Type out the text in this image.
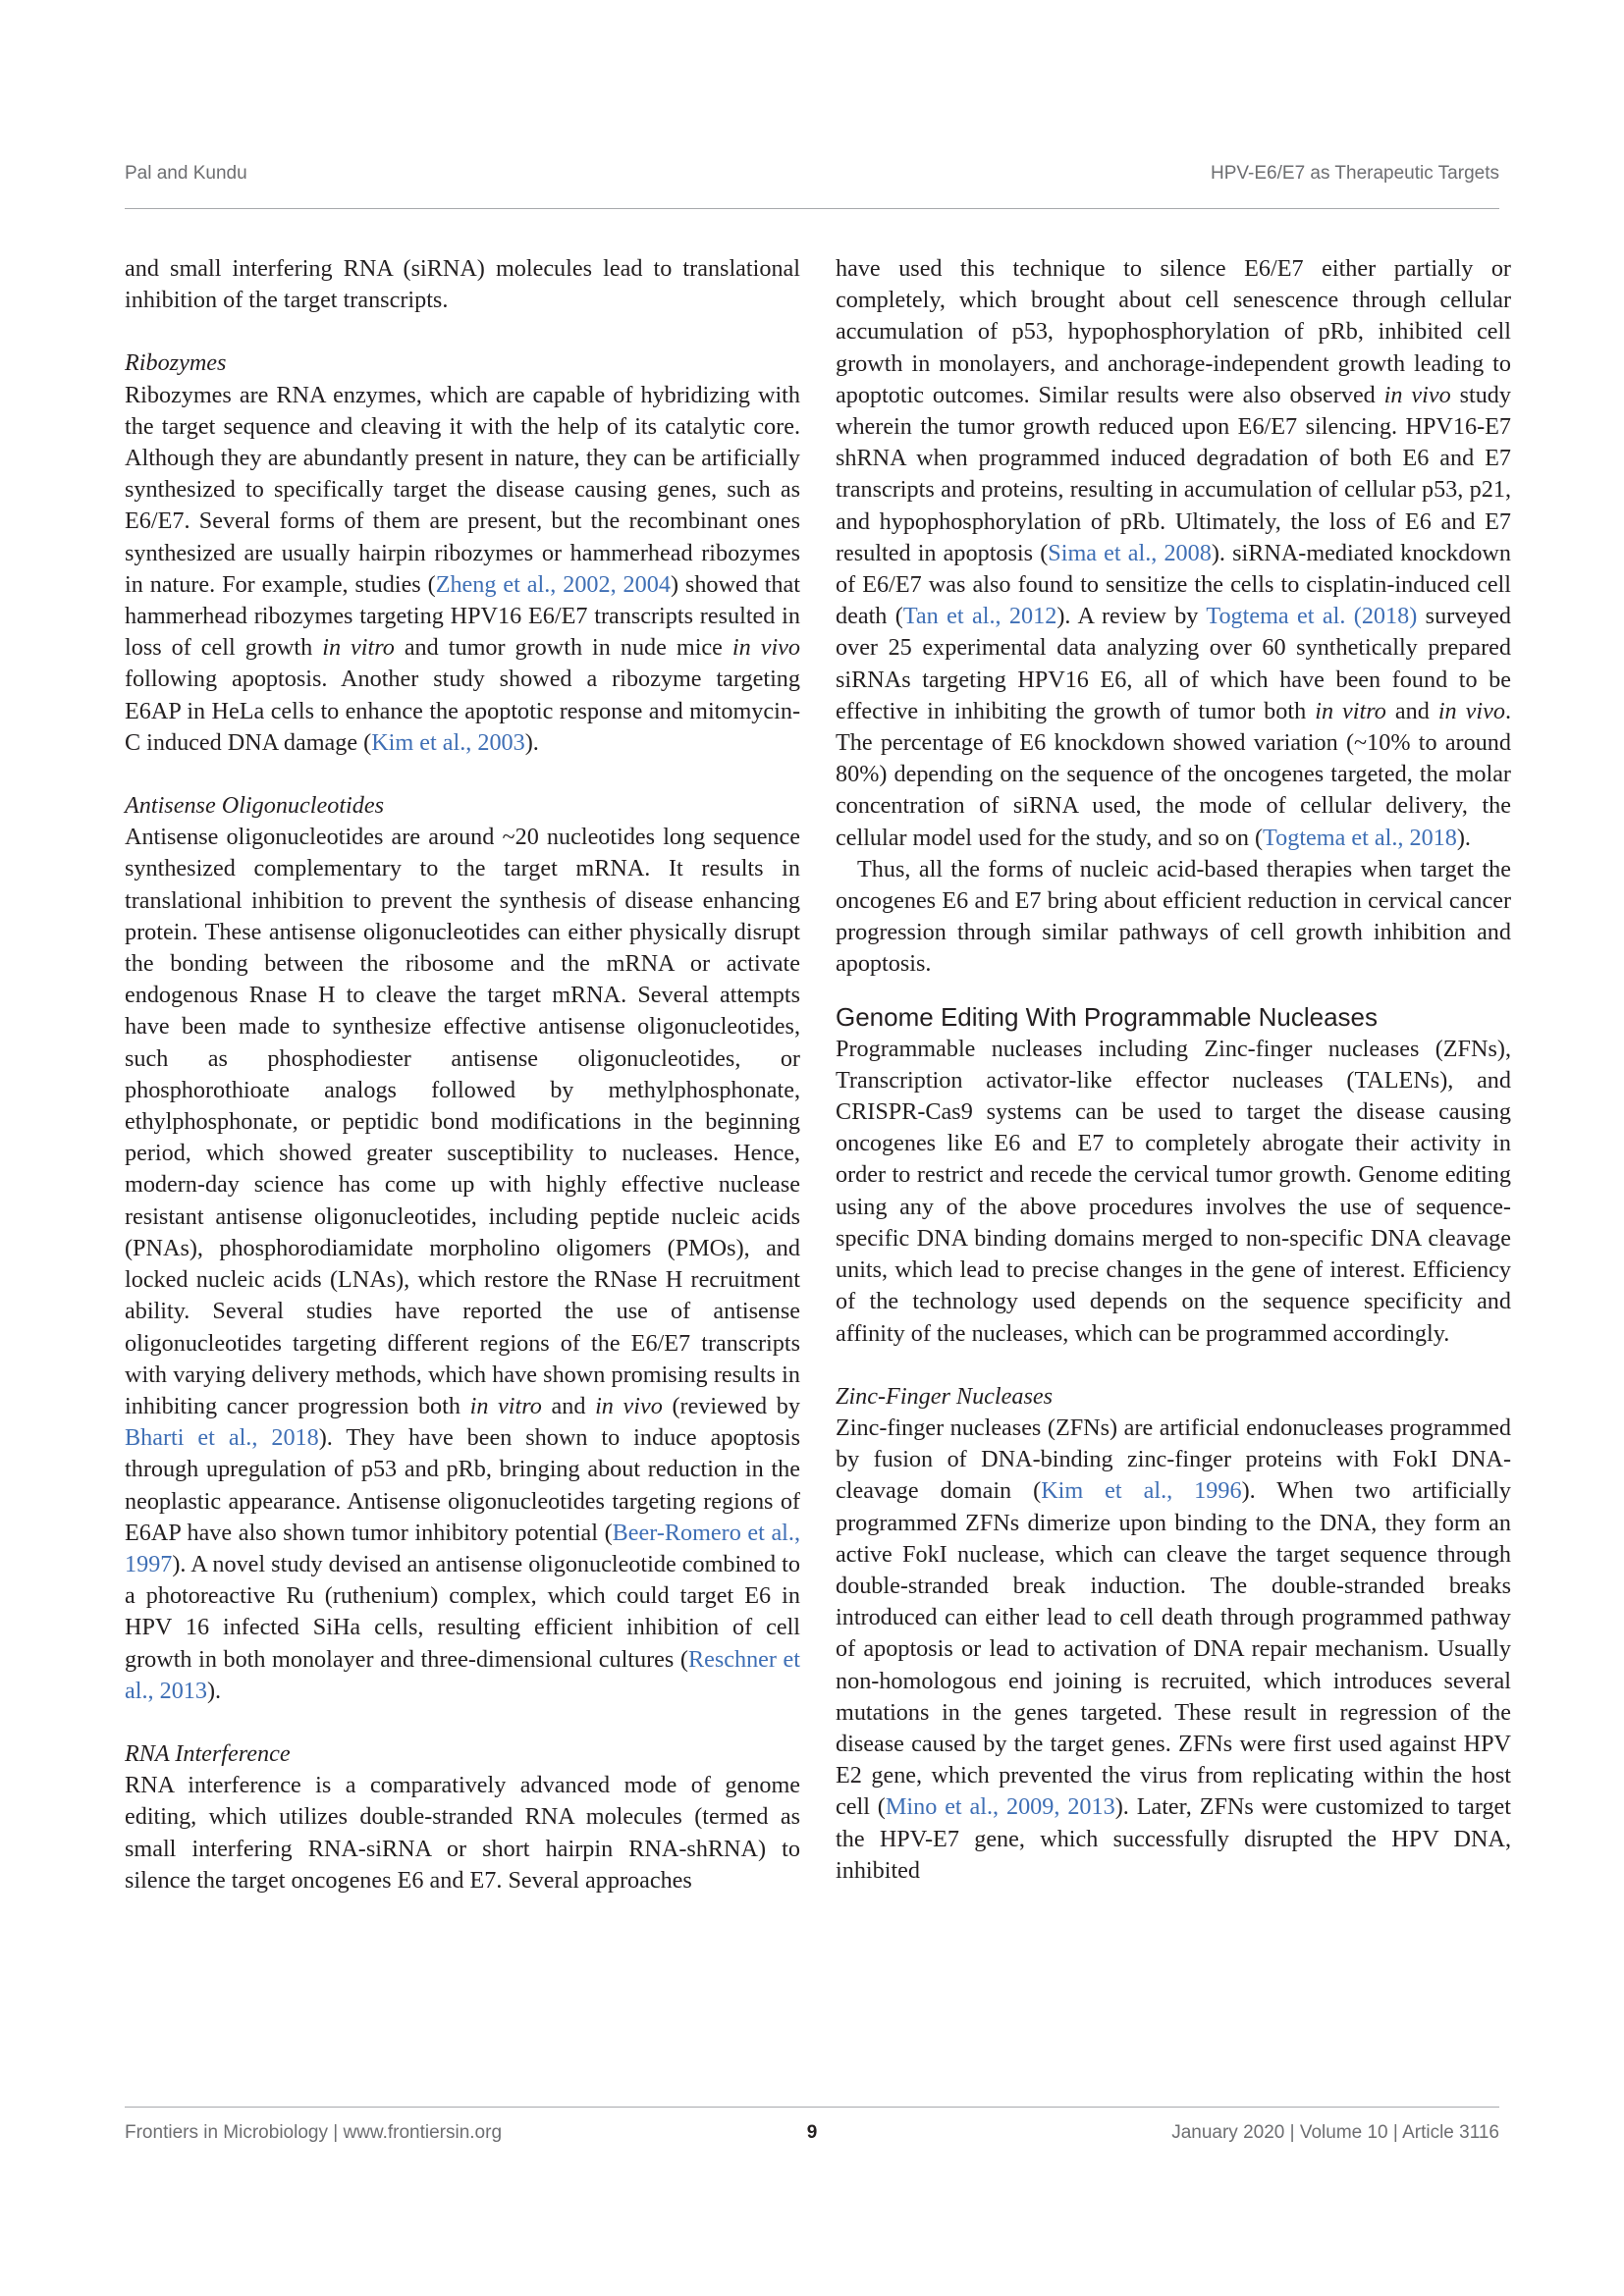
Pal and Kundu	HPV-E6/E7 as Therapeutic Targets

and small interfering RNA (siRNA) molecules lead to translational inhibition of the target transcripts.

Ribozymes

Ribozymes are RNA enzymes, which are capable of hybridizing with the target sequence and cleaving it with the help of its catalytic core. Although they are abundantly present in nature, they can be artificially synthesized to specifically target the disease causing genes, such as E6/E7. Several forms of them are present, but the recombinant ones synthesized are usually hairpin ribozymes or hammerhead ribozymes in nature. For example, studies (Zheng et al., 2002, 2004) showed that hammerhead ribozymes targeting HPV16 E6/E7 transcripts resulted in loss of cell growth in vitro and tumor growth in nude mice in vivo following apoptosis. Another study showed a ribozyme targeting E6AP in HeLa cells to enhance the apoptotic response and mitomycin-C induced DNA damage (Kim et al., 2003).

Antisense Oligonucleotides

Antisense oligonucleotides are around ~20 nucleotides long sequence synthesized complementary to the target mRNA. It results in translational inhibition to prevent the synthesis of disease enhancing protein. These antisense oligonucleotides can either physically disrupt the bonding between the ribosome and the mRNA or activate endogenous Rnase H to cleave the target mRNA. Several attempts have been made to synthesize effective antisense oligonucleotides, such as phosphodiester antisense oligonucleotides, or phosphorothioate analogs followed by methylphosphonate, ethylphosphonate, or peptidic bond modifications in the beginning period, which showed greater susceptibility to nucleases. Hence, modern-day science has come up with highly effective nuclease resistant antisense oligonucleotides, including peptide nucleic acids (PNAs), phosphorodiamidate morpholino oligomers (PMOs), and locked nucleic acids (LNAs), which restore the RNase H recruitment ability. Several studies have reported the use of antisense oligonucleotides targeting different regions of the E6/E7 transcripts with varying delivery methods, which have shown promising results in inhibiting cancer progression both in vitro and in vivo (reviewed by Bharti et al., 2018). They have been shown to induce apoptosis through upregulation of p53 and pRb, bringing about reduction in the neoplastic appearance. Antisense oligonucleotides targeting regions of E6AP have also shown tumor inhibitory potential (Beer-Romero et al., 1997). A novel study devised an antisense oligonucleotide combined to a photoreactive Ru (ruthenium) complex, which could target E6 in HPV 16 infected SiHa cells, resulting efficient inhibition of cell growth in both monolayer and three-dimensional cultures (Reschner et al., 2013).

RNA Interference

RNA interference is a comparatively advanced mode of genome editing, which utilizes double-stranded RNA molecules (termed as small interfering RNA-siRNA or short hairpin RNA-shRNA) to silence the target oncogenes E6 and E7. Several approaches

have used this technique to silence E6/E7 either partially or completely, which brought about cell senescence through cellular accumulation of p53, hypophosphorylation of pRb, inhibited cell growth in monolayers, and anchorage-independent growth leading to apoptotic outcomes. Similar results were also observed in vivo study wherein the tumor growth reduced upon E6/E7 silencing. HPV16-E7 shRNA when programmed induced degradation of both E6 and E7 transcripts and proteins, resulting in accumulation of cellular p53, p21, and hypophosphorylation of pRb. Ultimately, the loss of E6 and E7 resulted in apoptosis (Sima et al., 2008). siRNA-mediated knockdown of E6/E7 was also found to sensitize the cells to cisplatin-induced cell death (Tan et al., 2012). A review by Togtema et al. (2018) surveyed over 25 experimental data analyzing over 60 synthetically prepared siRNAs targeting HPV16 E6, all of which have been found to be effective in inhibiting the growth of tumor both in vitro and in vivo. The percentage of E6 knockdown showed variation (~10% to around 80%) depending on the sequence of the oncogenes targeted, the molar concentration of siRNA used, the mode of cellular delivery, the cellular model used for the study, and so on (Togtema et al., 2018).

Thus, all the forms of nucleic acid-based therapies when target the oncogenes E6 and E7 bring about efficient reduction in cervical cancer progression through similar pathways of cell growth inhibition and apoptosis.

Genome Editing With Programmable Nucleases

Programmable nucleases including Zinc-finger nucleases (ZFNs), Transcription activator-like effector nucleases (TALENs), and CRISPR-Cas9 systems can be used to target the disease causing oncogenes like E6 and E7 to completely abrogate their activity in order to restrict and recede the cervical tumor growth. Genome editing using any of the above procedures involves the use of sequence-specific DNA binding domains merged to non-specific DNA cleavage units, which lead to precise changes in the gene of interest. Efficiency of the technology used depends on the sequence specificity and affinity of the nucleases, which can be programmed accordingly.

Zinc-Finger Nucleases

Zinc-finger nucleases (ZFNs) are artificial endonucleases programmed by fusion of DNA-binding zinc-finger proteins with FokI DNA-cleavage domain (Kim et al., 1996). When two artificially programmed ZFNs dimerize upon binding to the DNA, they form an active FokI nuclease, which can cleave the target sequence through double-stranded break induction. The double-stranded breaks introduced can either lead to cell death through programmed pathway of apoptosis or lead to activation of DNA repair mechanism. Usually non-homologous end joining is recruited, which introduces several mutations in the genes targeted. These result in regression of the disease caused by the target genes. ZFNs were first used against HPV E2 gene, which prevented the virus from replicating within the host cell (Mino et al., 2009, 2013). Later, ZFNs were customized to target the HPV-E7 gene, which successfully disrupted the HPV DNA, inhibited

Frontiers in Microbiology | www.frontiersin.org	9	January 2020 | Volume 10 | Article 3116
